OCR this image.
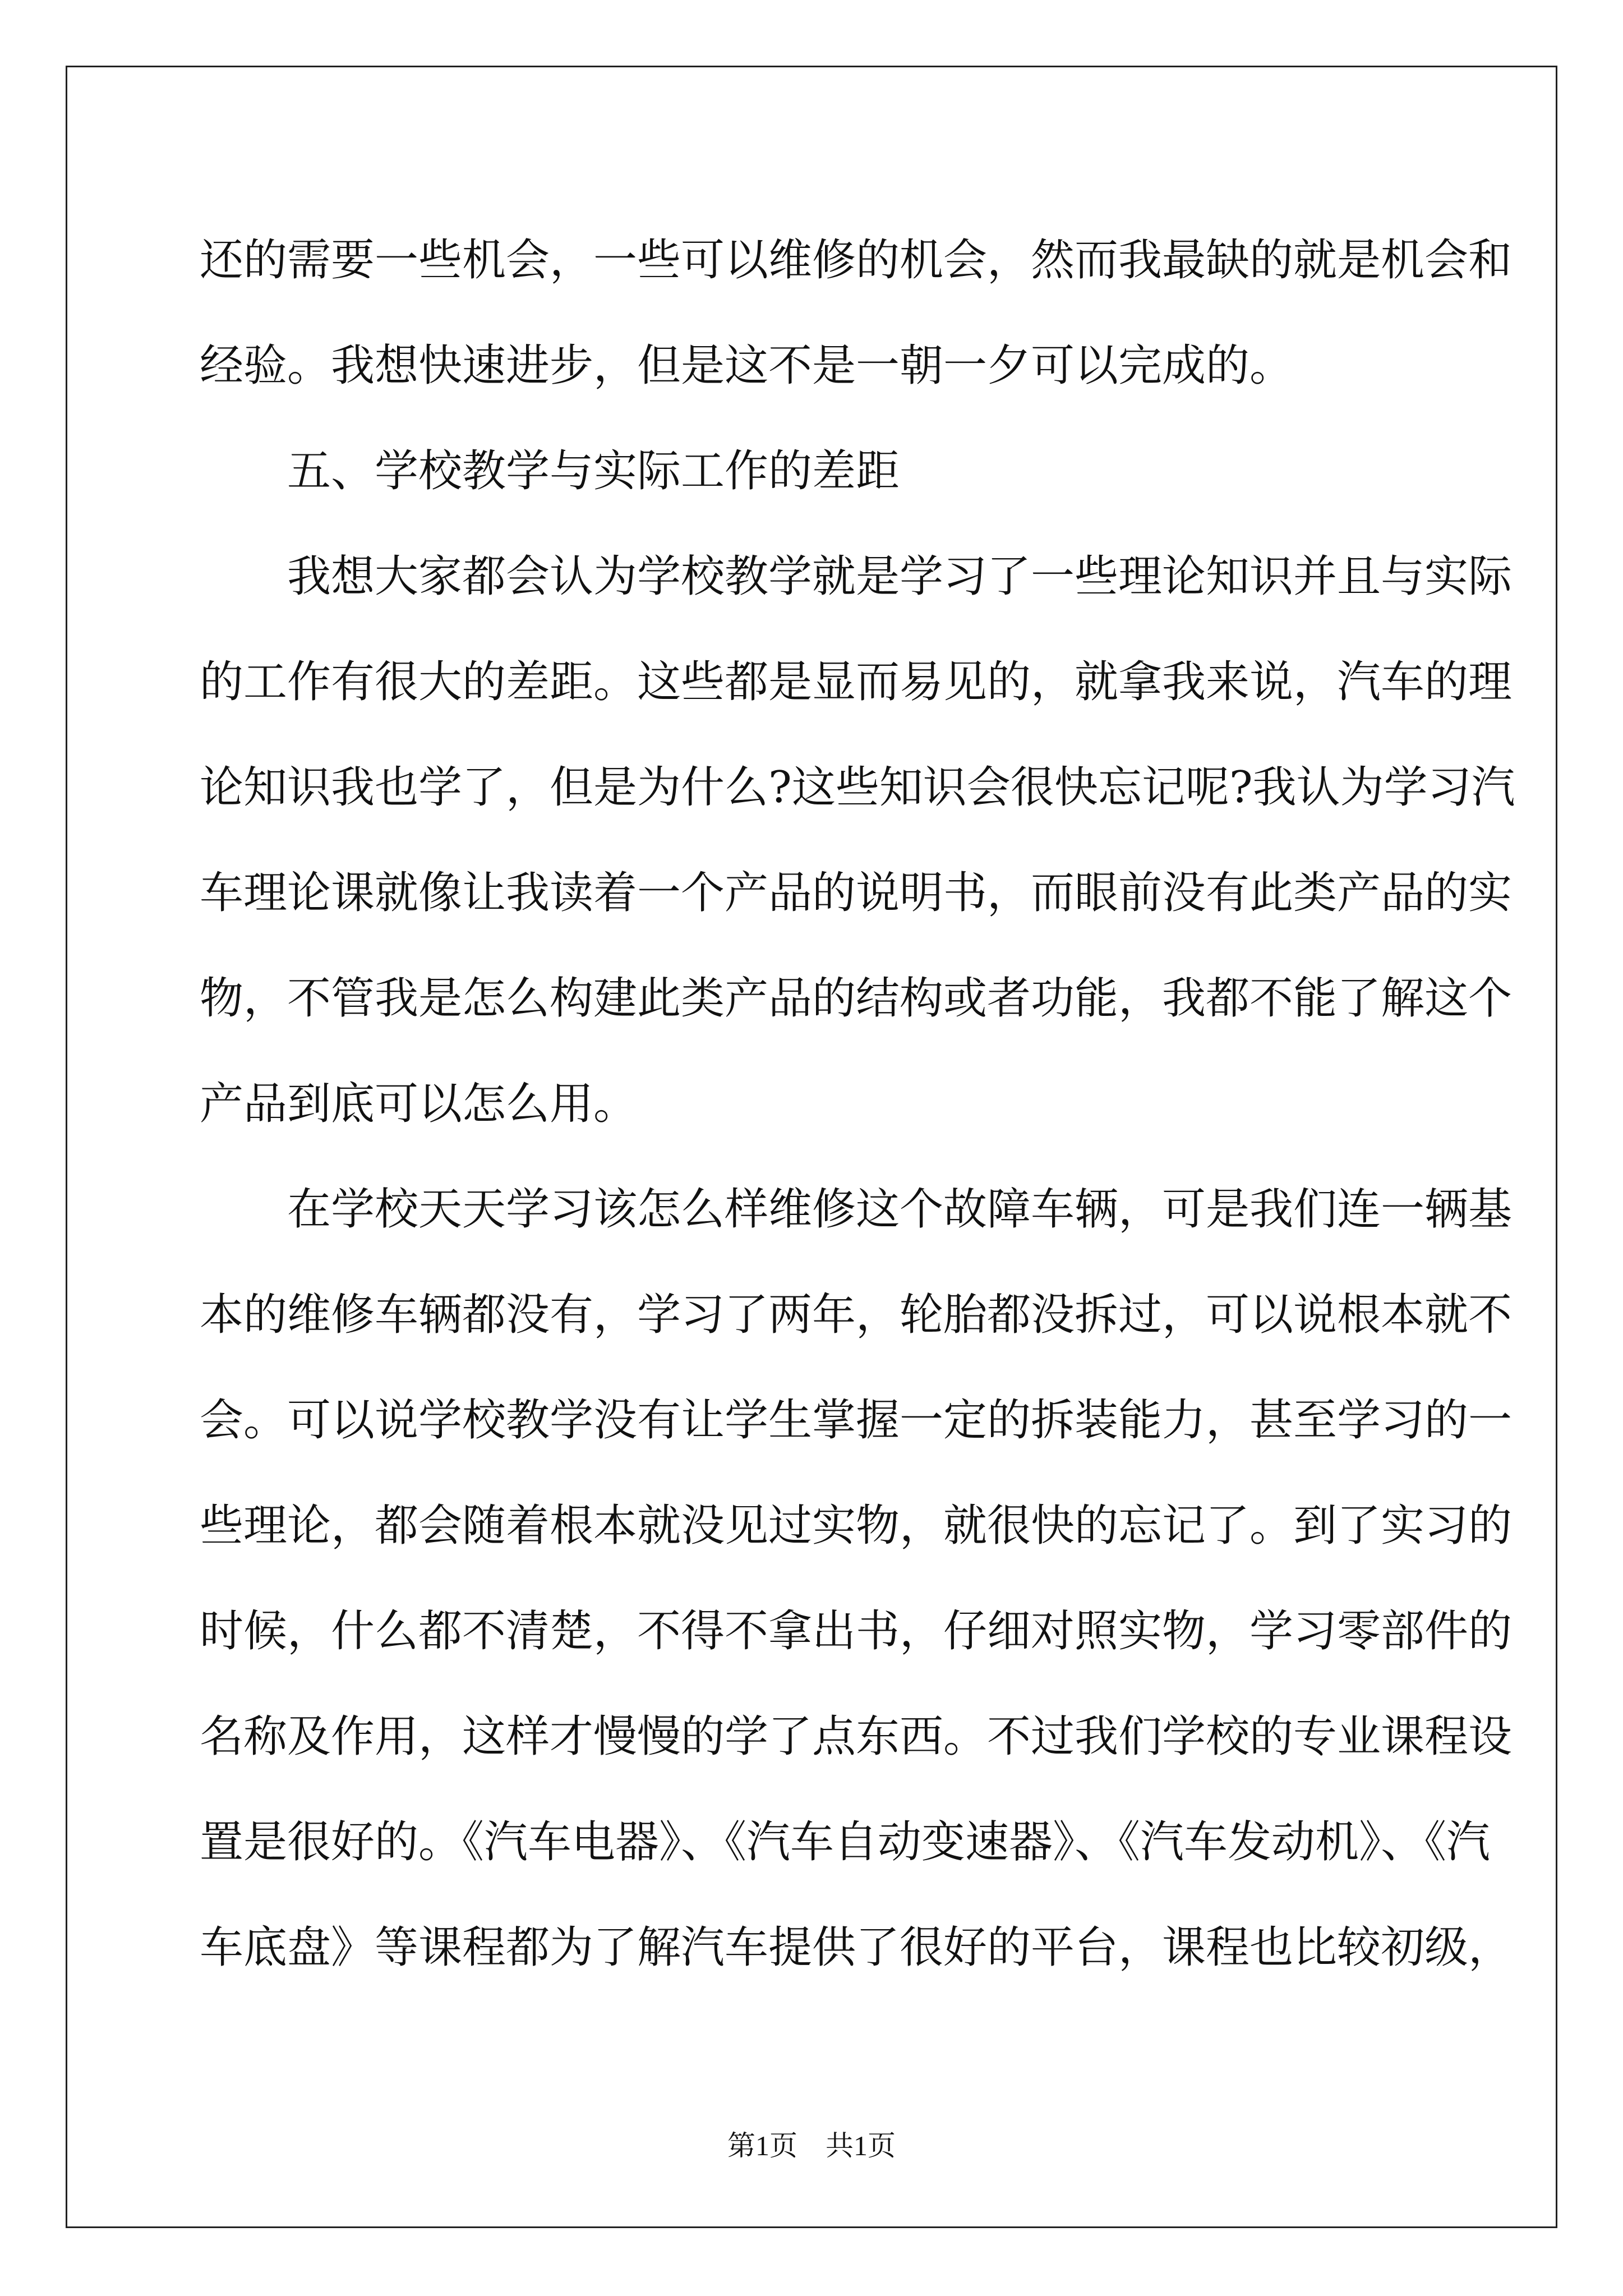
还的需要一些机会，一些可以维修的机会，然而我最缺的就是机会和
经验。我想快速进步，但是这不是一朝一夕可以完成的。
五、学校教学与实际工作的差距
我想大家都会认为学校教学就是学习了一些理论知识并且与实际
的工作有很大的差距。这些都是显而易见的，就拿我来说，汽车的理
论知识我也学了，但是为什么?这些知识会很快忘记呢?我认为学习汽
车理论课就像让我读着一个产品的说明书，而眼前没有此类产品的实
物，不管我是怎么构建此类产品的结构或者功能，我都不能了解这个
产品到底可以怎么用。
在学校天天学习该怎么样维修这个故障车辆，可是我们连一辆基
本的维修车辆都没有，学习了两年，轮胎都没拆过，可以说根本就不
会。可以说学校教学没有让学生掌握一定的拆装能力，甚至学习的一
些理论，都会随着根本就没见过实物，就很快的忘记了。到了实习的
时候，什么都不清楚，不得不拿出书，仔细对照实物，学习零部件的
名称及作用，这样才慢慢的学了点东西。不过我们学校的专业课程设
置是很好的。《汽车电器》、《汽车自动变速器》、《汽车发动机》、《汽
车底盘》等课程都为了解汽车提供了很好的平台，课程也比较初级，
第1页　共1页
